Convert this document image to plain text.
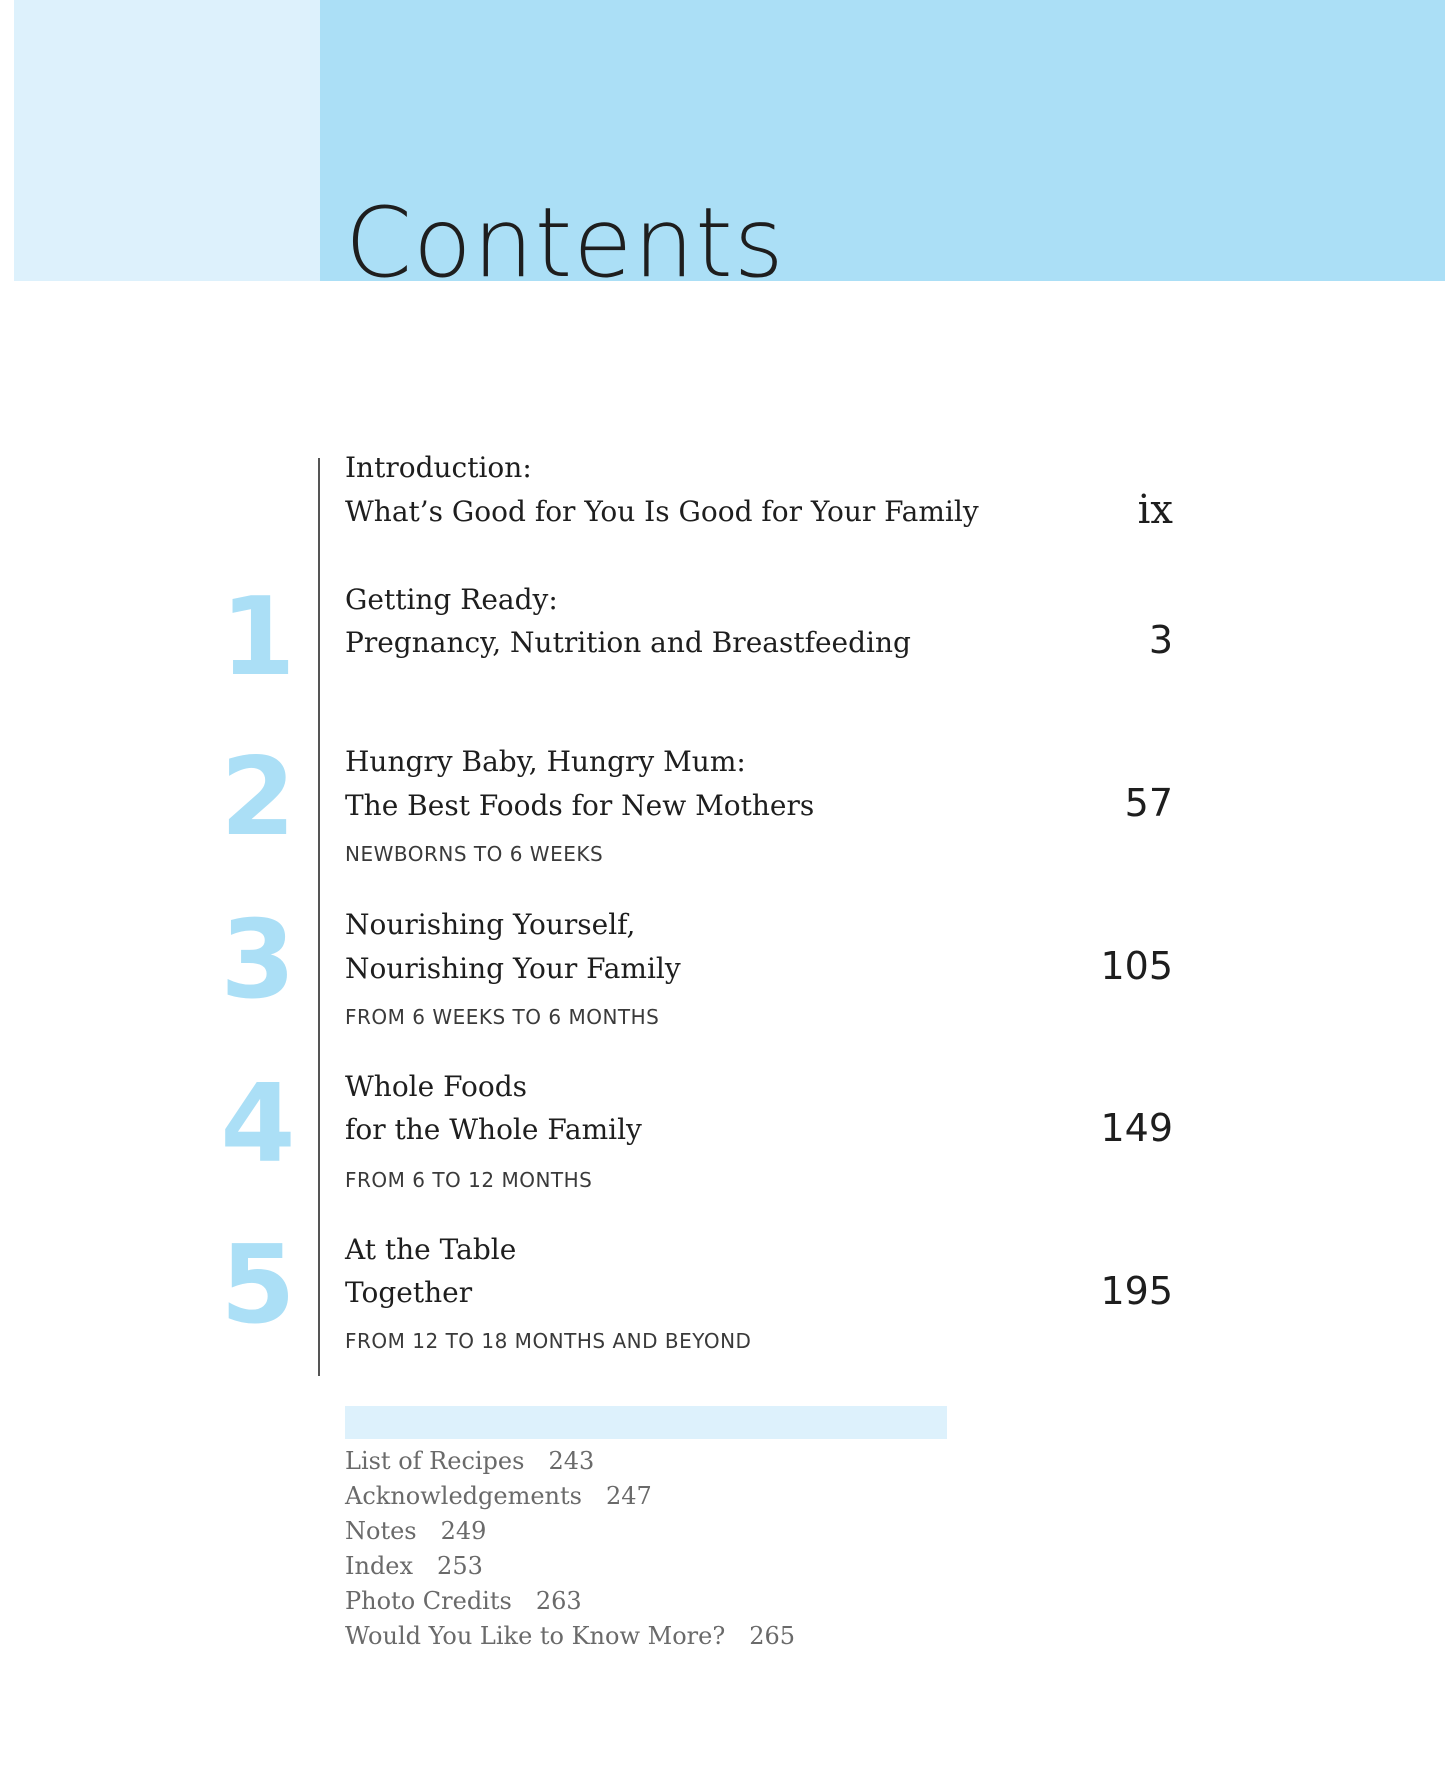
Contents
Introduction:
What’s Good for You Is Good for Your Family	ix
1	Getting Ready:
Pregnancy, Nutrition and Breastfeeding	3
2	Hungry Baby, Hungry Mum:
The Best Foods for New Mothers
NEWBORNS TO 6 WEEKS
57
3	Nourishing Yourself,
Nourishing Your Family
FROM 6 WEEKS TO 6 MONTHS
105
4	Whole Foods
for the Whole Family
FROM 6 TO 12 MONTHS
149
5	At the Table
Together
FROM 12 TO 18 MONTHS AND BEYOND
195
List of Recipes 243
Acknowledgements 247
Notes 249
Index 253
Photo Credits 263
Would You Like to Know More? 265
